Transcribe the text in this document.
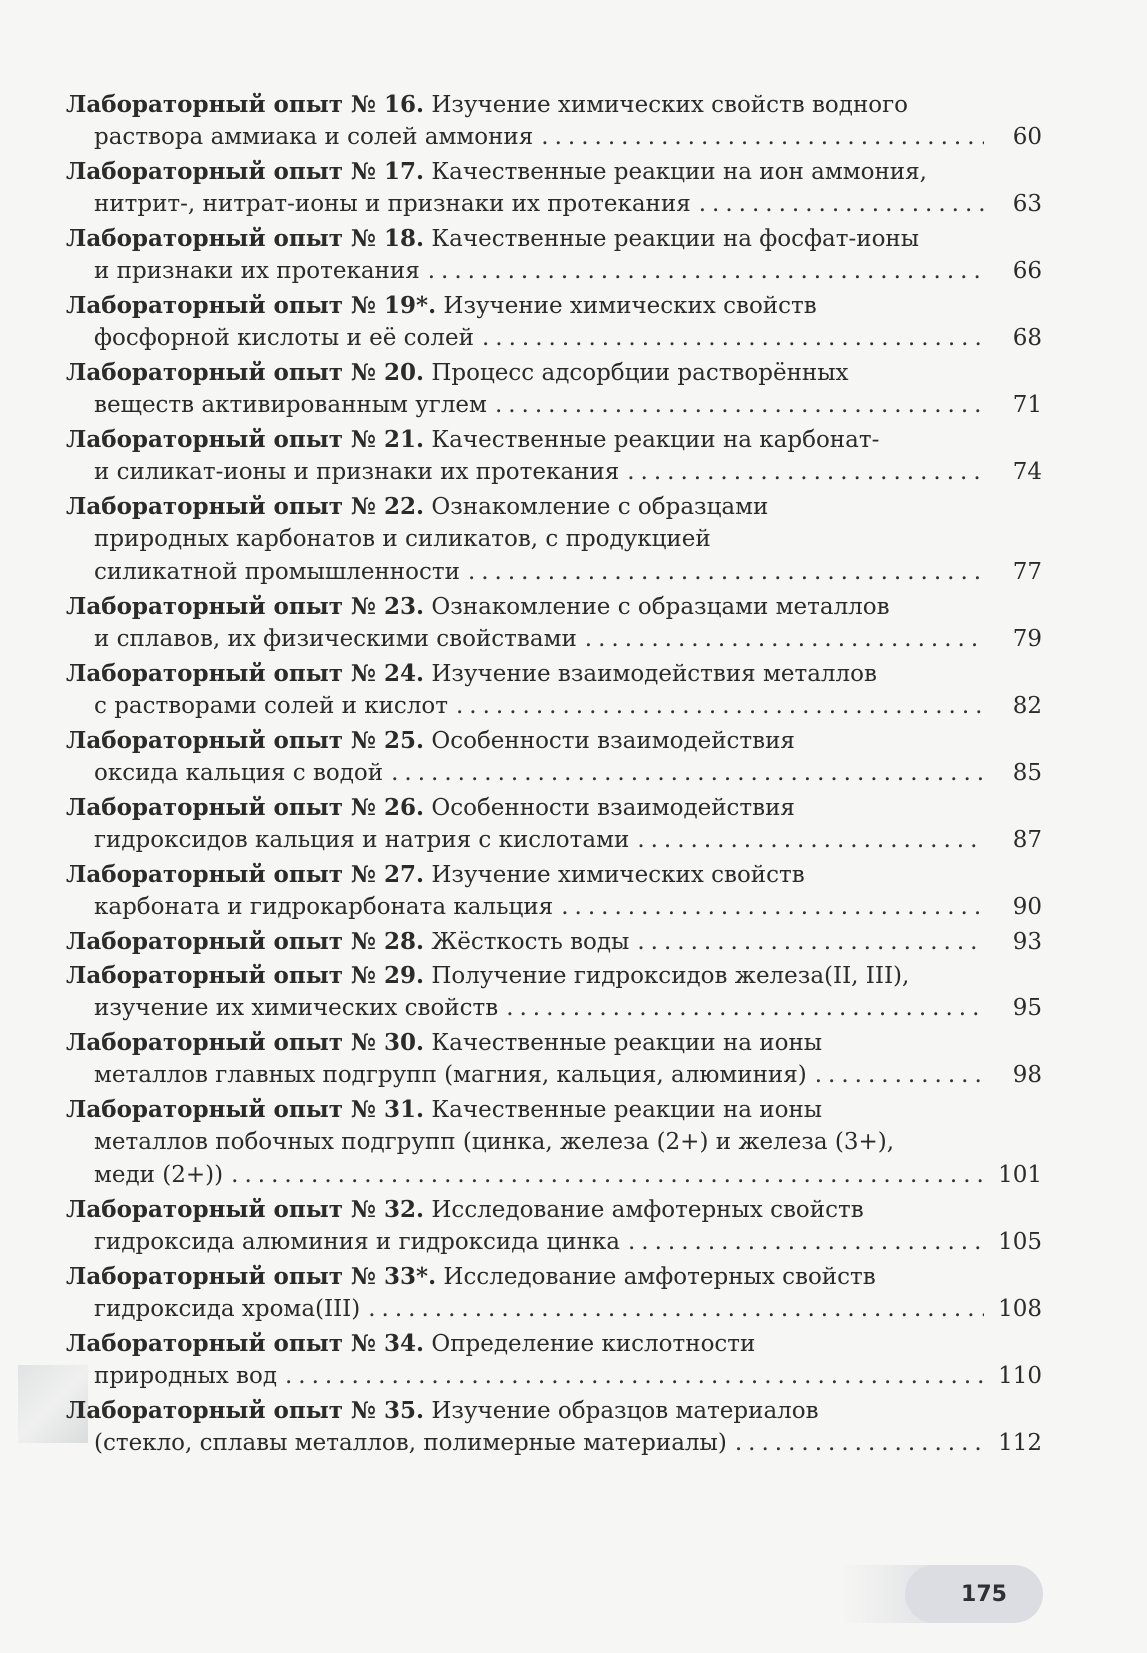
Лабораторный опыт № 16. Изучение химических свойств водного
раствора аммиака и солей аммония .....	60
Лабораторный опыт № 17. Качественные реакции на ион аммония,
нитрит-, нитрат-ионы и признаки их протекания .....	63
Лабораторный опыт № 18. Качественные реакции на фосфат-ионы
и признаки их протекания .....	66
Лабораторный опыт № 19*. Изучение химических свойств
фосфорной кислоты и её солей .....	68
Лабораторный опыт № 20. Процесс адсорбции растворённых
веществ активированным углем .....	71
Лабораторный опыт № 21. Качественные реакции на карбонат-
и силикат-ионы и признаки их протекания .....	74
Лабораторный опыт № 22. Ознакомление с образцами
природных карбонатов и силикатов, с продукцией
силикатной промышленности .....	77
Лабораторный опыт № 23. Ознакомление с образцами металлов
и сплавов, их физическими свойствами .....	79
Лабораторный опыт № 24. Изучение взаимодействия металлов
с растворами солей и кислот .....	82
Лабораторный опыт № 25. Особенности взаимодействия
оксида кальция с водой .....	85
Лабораторный опыт № 26. Особенности взаимодействия
гидроксидов кальция и натрия с кислотами .....	87
Лабораторный опыт № 27. Изучение химических свойств
карбоната и гидрокарбоната кальция .....	90
Лабораторный опыт № 28. Жёсткость воды .....	93
Лабораторный опыт № 29. Получение гидроксидов железа(II, III),
изучение их химических свойств .....	95
Лабораторный опыт № 30. Качественные реакции на ионы
металлов главных подгрупп (магния, кальция, алюминия) .....	98
Лабораторный опыт № 31. Качественные реакции на ионы
металлов побочных подгрупп (цинка, железа (2+) и железа (3+),
меди (2+)) .....	101
Лабораторный опыт № 32. Исследование амфотерных свойств
гидроксида алюминия и гидроксида цинка .....	105
Лабораторный опыт № 33*. Исследование амфотерных свойств
гидроксида хрома(III) .....	108
Лабораторный опыт № 34. Определение кислотности
природных вод .....	110
Лабораторный опыт № 35. Изучение образцов материалов
(стекло, сплавы металлов, полимерные материалы) .....	112
175
